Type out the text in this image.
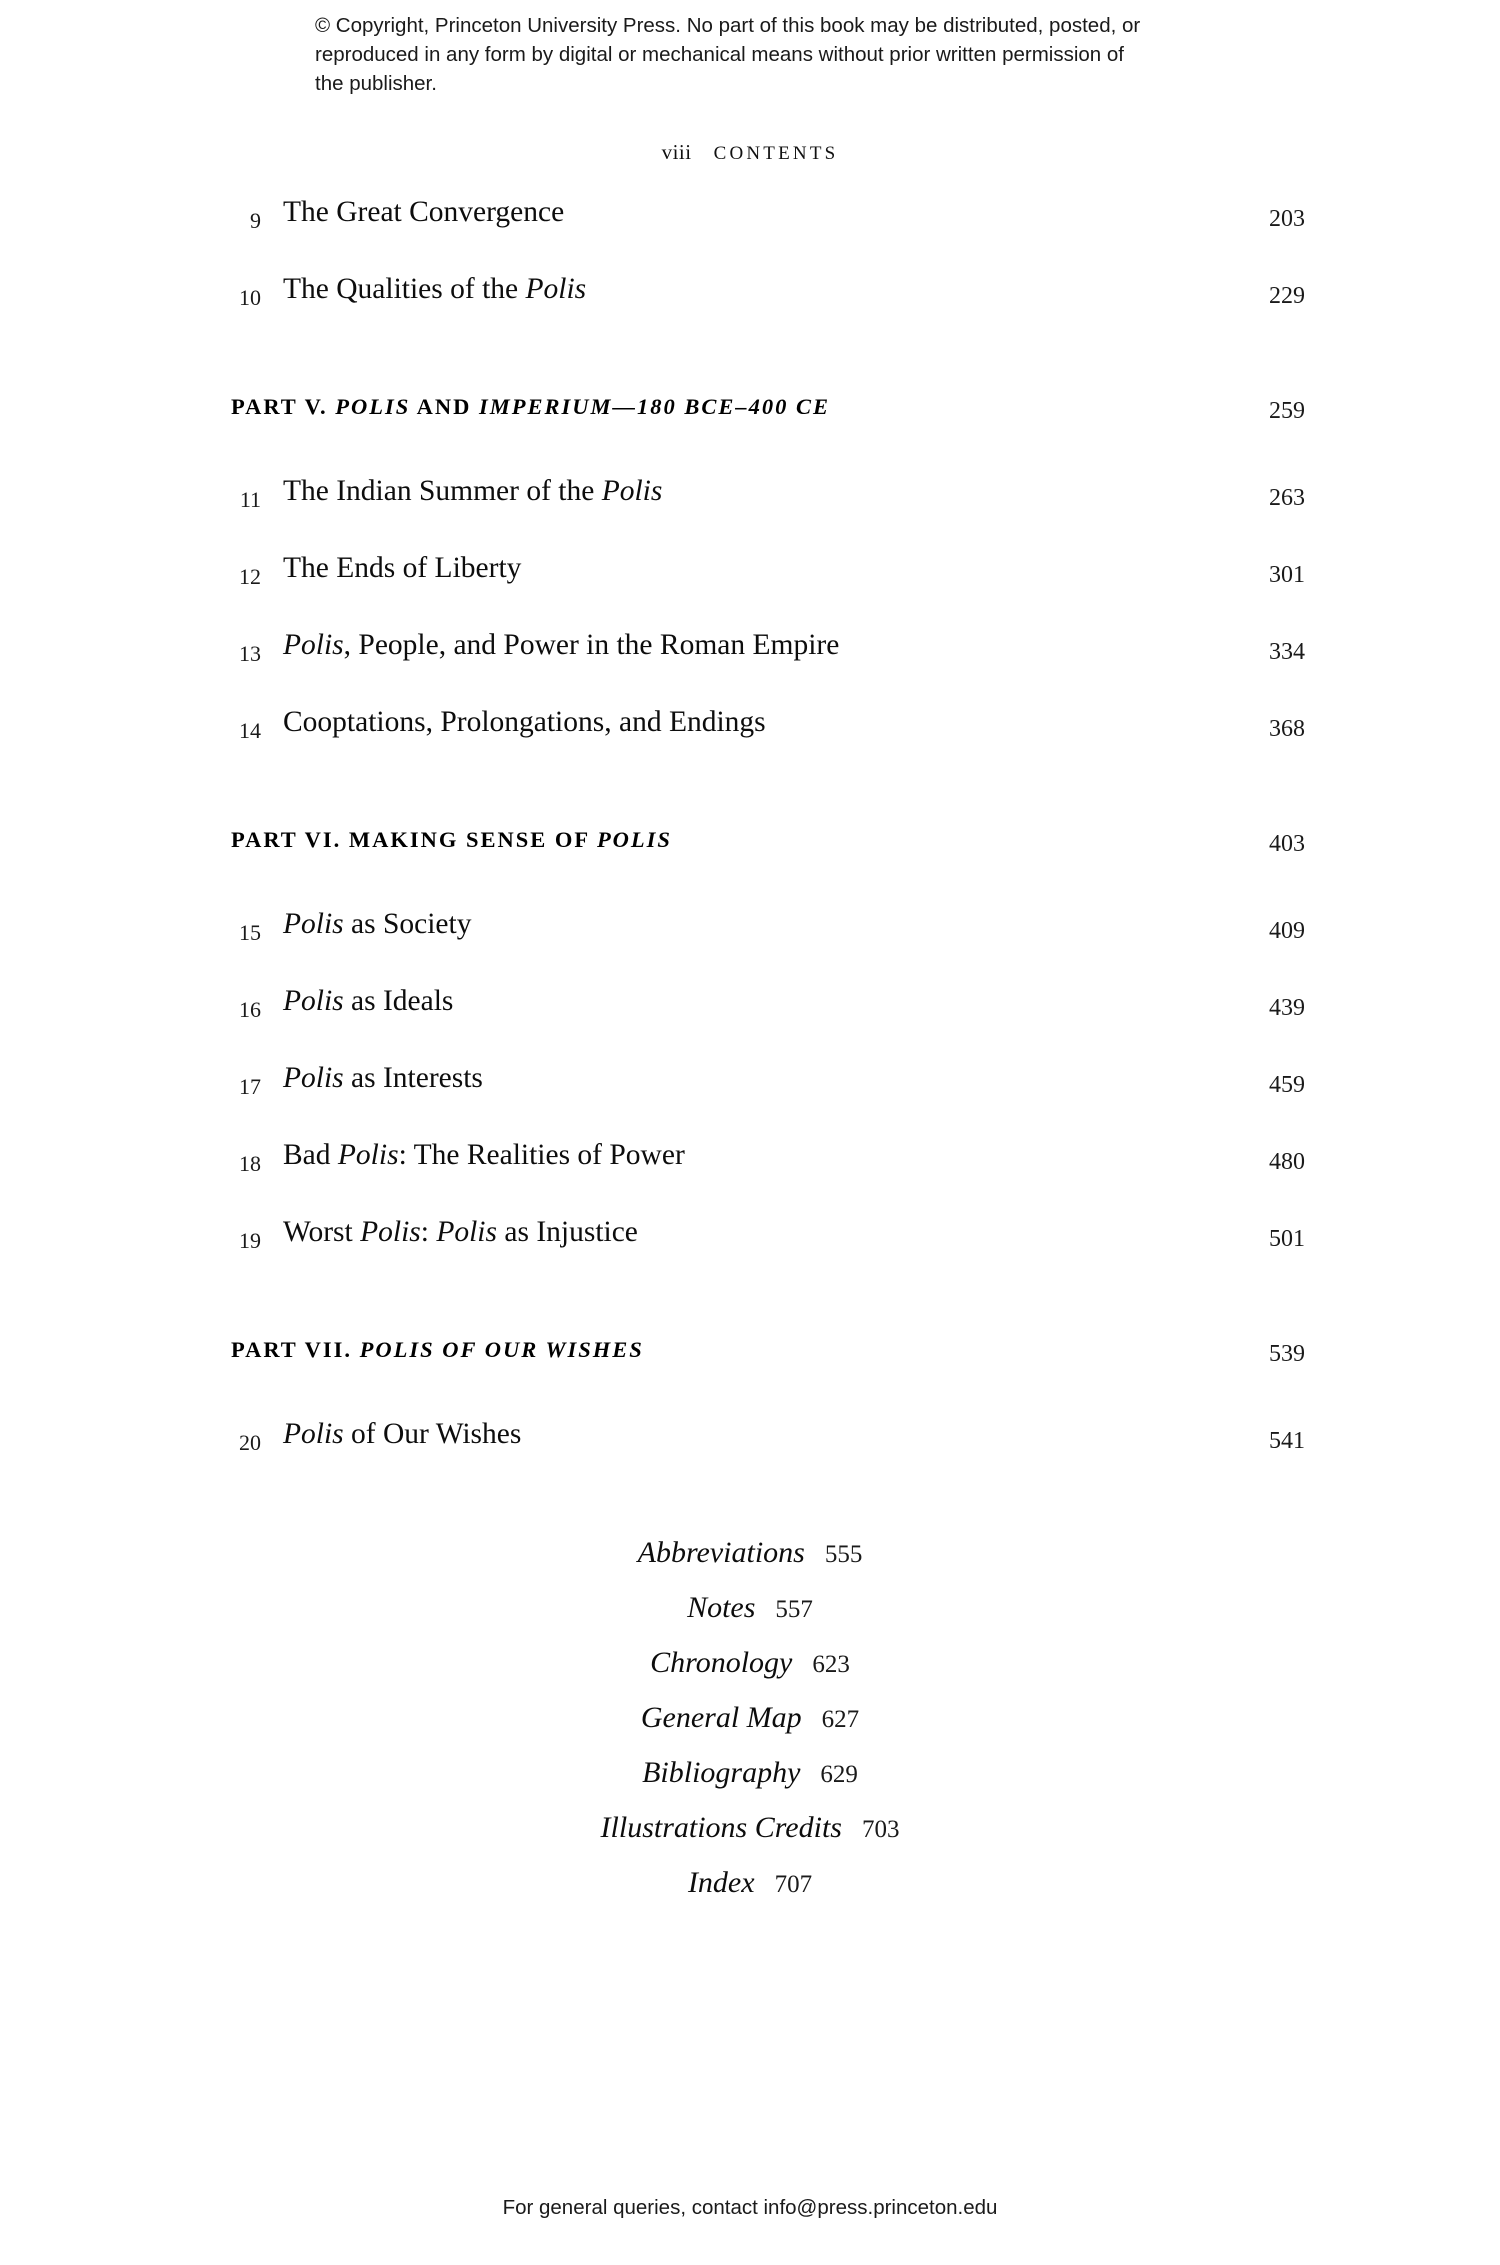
© Copyright, Princeton University Press. No part of this book may be distributed, posted, or reproduced in any form by digital or mechanical means without prior written permission of the publisher.
viii CONTENTS
9 The Great Convergence	203
10 The Qualities of the Polis	229
PART V. POLIS AND IMPERIUM—180 BCE–400 CE	259
11 The Indian Summer of the Polis	263
12 The Ends of Liberty	301
13 Polis, People, and Power in the Roman Empire	334
14 Cooptations, Prolongations, and Endings	368
PART VI. MAKING SENSE OF POLIS	403
15 Polis as Society	409
16 Polis as Ideals	439
17 Polis as Interests	459
18 Bad Polis: The Realities of Power	480
19 Worst Polis: Polis as Injustice	501
PART VII. POLIS OF OUR WISHES	539
20 Polis of Our Wishes	541
Abbreviations 555
Notes 557
Chronology 623
General Map 627
Bibliography 629
Illustrations Credits 703
Index 707
For general queries, contact info@press.princeton.edu
